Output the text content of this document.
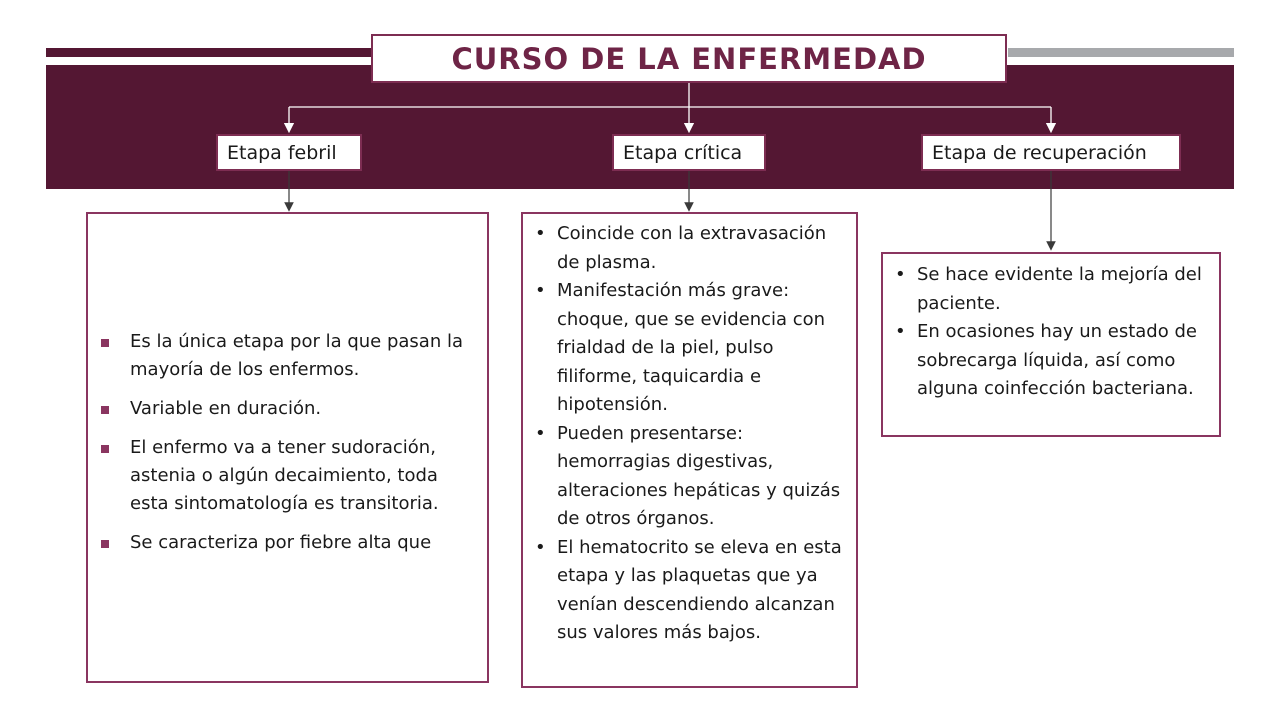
CURSO DE LA ENFERMEDAD
Etapa febril	Etapa crítica	Etapa de recuperación
Es la única etapa por la que pasan la mayoría de los enfermos.
Variable en duración.
El enfermo va a tener sudoración, astenia o algún decaimiento, toda esta sintomatología es transitoria.
Se caracteriza por fiebre alta que
• Coincide con la extravasación de plasma.
• Manifestación más grave: choque, que se evidencia con frialdad de la piel, pulso filiforme, taquicardia e hipotensión.
• Pueden presentarse: hemorragias digestivas, alteraciones hepáticas y quizás de otros órganos.
• El hematocrito se eleva en esta etapa y las plaquetas que ya venían descendiendo alcanzan sus valores más bajos.
• Se hace evidente la mejoría del paciente.
• En ocasiones hay un estado de sobrecarga líquida, así como alguna coinfección bacteriana.
